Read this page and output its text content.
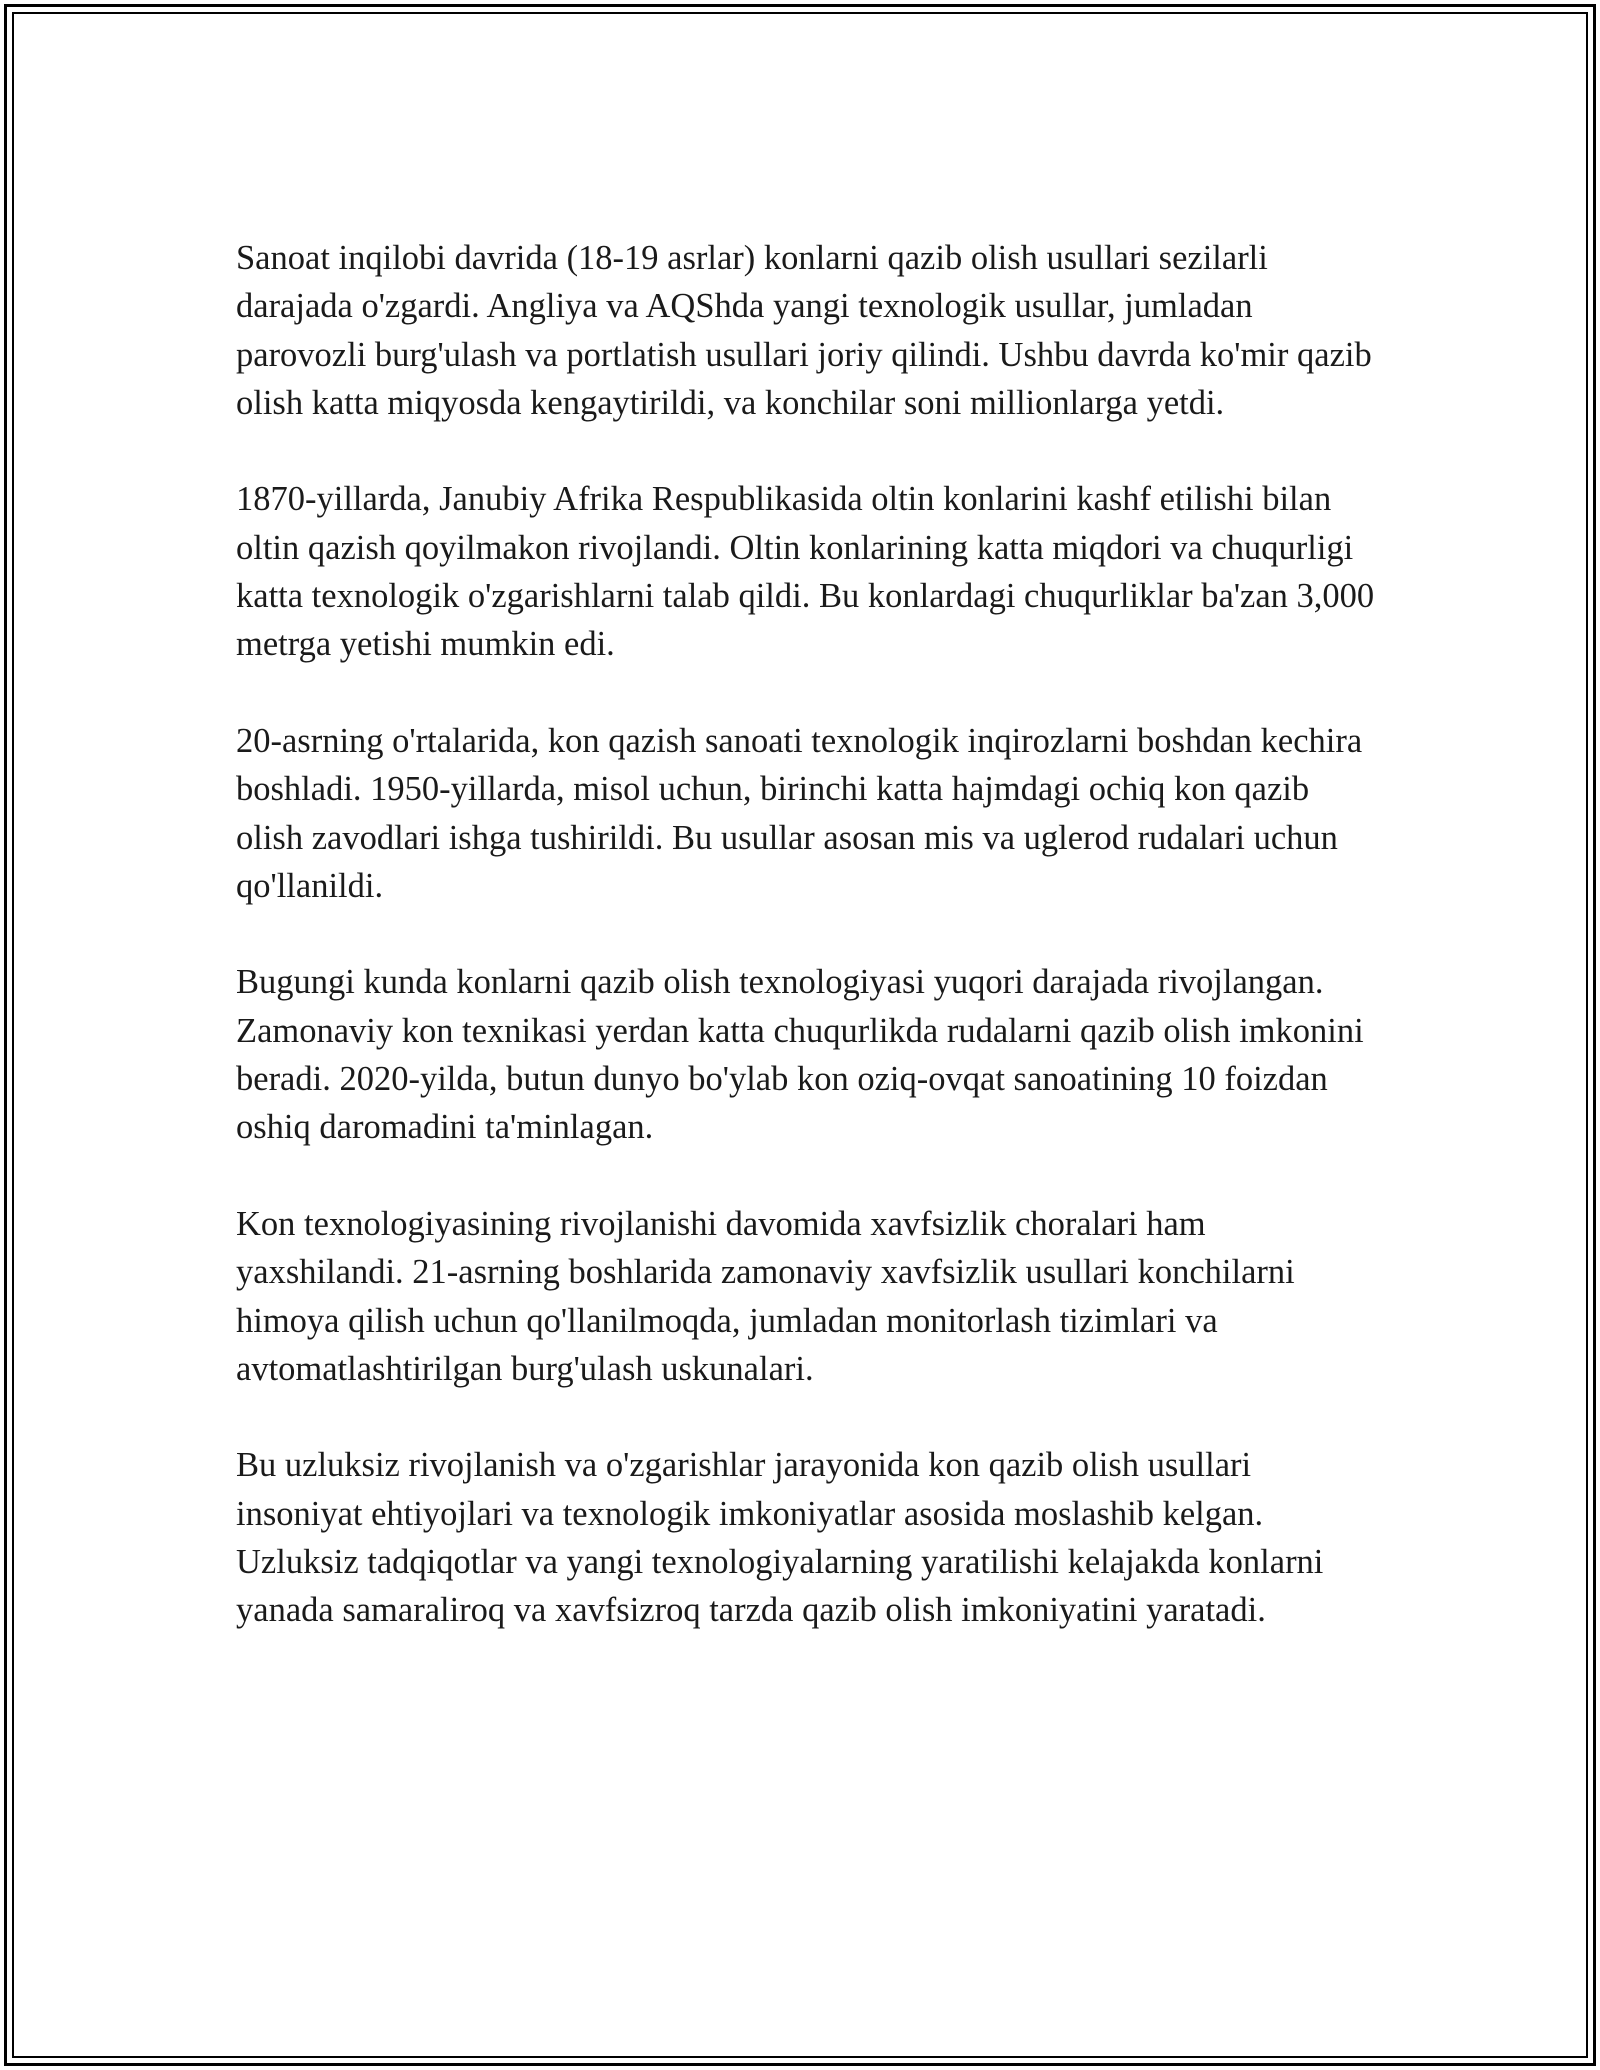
Sanoat inqilobi davrida (18-19 asrlar) konlarni qazib olish usullari sezilarli darajada o'zgardi. Angliya va AQShda yangi texnologik usullar, jumladan parovozli burg'ulash va portlatish usullari joriy qilindi. Ushbu davrda ko'mir qazib olish katta miqyosda kengaytirildi, va konchilar soni millionlarga yetdi.

1870-yillarda, Janubiy Afrika Respublikasida oltin konlarini kashf etilishi bilan oltin qazish qoyilmakon rivojlandi. Oltin konlarining katta miqdori va chuqurligi katta texnologik o'zgarishlarni talab qildi. Bu konlardagi chuqurliklar ba'zan 3,000 metrga yetishi mumkin edi.

20-asrning o'rtalarida, kon qazish sanoati texnologik inqirozlarni boshdan kechira boshladi. 1950-yillarda, misol uchun, birinchi katta hajmdagi ochiq kon qazib olish zavodlari ishga tushirildi. Bu usullar asosan mis va uglerod rudalari uchun qo'llanildi.

Bugungi kunda konlarni qazib olish texnologiyasi yuqori darajada rivojlangan. Zamonaviy kon texnikasi yerdan katta chuqurlikda rudalarni qazib olish imkonini beradi. 2020-yilda, butun dunyo bo'ylab kon oziq-ovqat sanoatining 10 foizdan oshiq daromadini ta'minlagan.

Kon texnologiyasining rivojlanishi davomida xavfsizlik choralari ham yaxshilandi. 21-asrning boshlarida zamonaviy xavfsizlik usullari konchilarni himoya qilish uchun qo'llanilmoqda, jumladan monitorlash tizimlari va avtomatlashtirilgan burg'ulash uskunalari.

Bu uzluksiz rivojlanish va o'zgarishlar jarayonida kon qazib olish usullari insoniyat ehtiyojlari va texnologik imkoniyatlar asosida moslashib kelgan. Uzluksiz tadqiqotlar va yangi texnologiyalarning yaratilishi kelajakda konlarni yanada samaraliroq va xavfsizroq tarzda qazib olish imkoniyatini yaratadi.
